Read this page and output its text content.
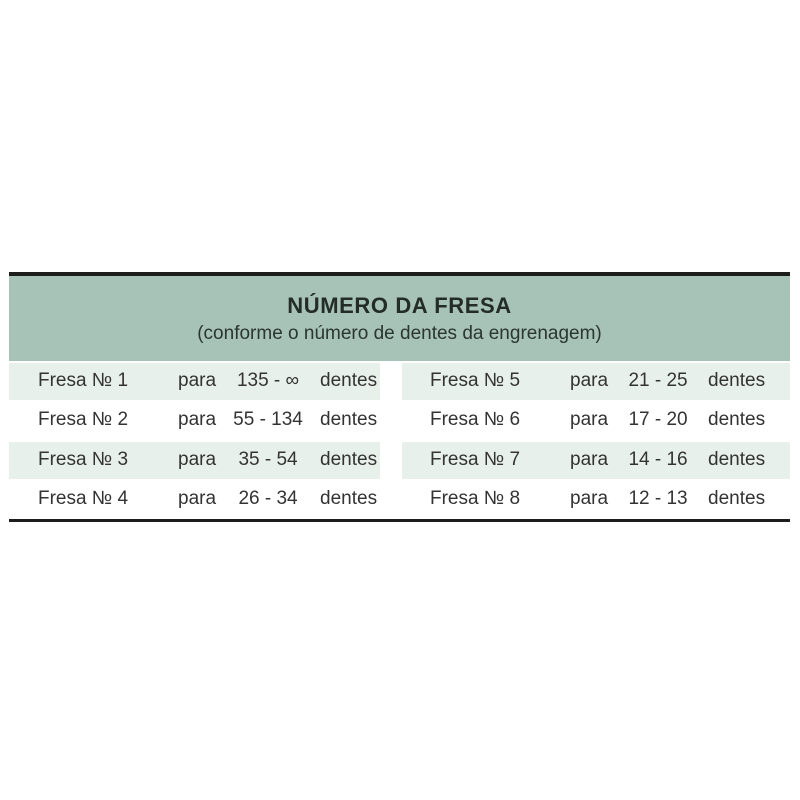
NÚMERO DA FRESA
(conforme o número de dentes da engrenagem)
Fresa № 1	para	135 - ∞	dentes	Fresa № 5	para	21 - 25	dentes
Fresa № 2	para 55 - 134 dentes	Fresa № 6	para	17 - 20	dentes
Fresa № 3	para	35 - 54	dentes	Fresa № 7	para	14 - 16	dentes
Fresa № 4	para	26 - 34	dentes	Fresa № 8	para	12 - 13	dentes
